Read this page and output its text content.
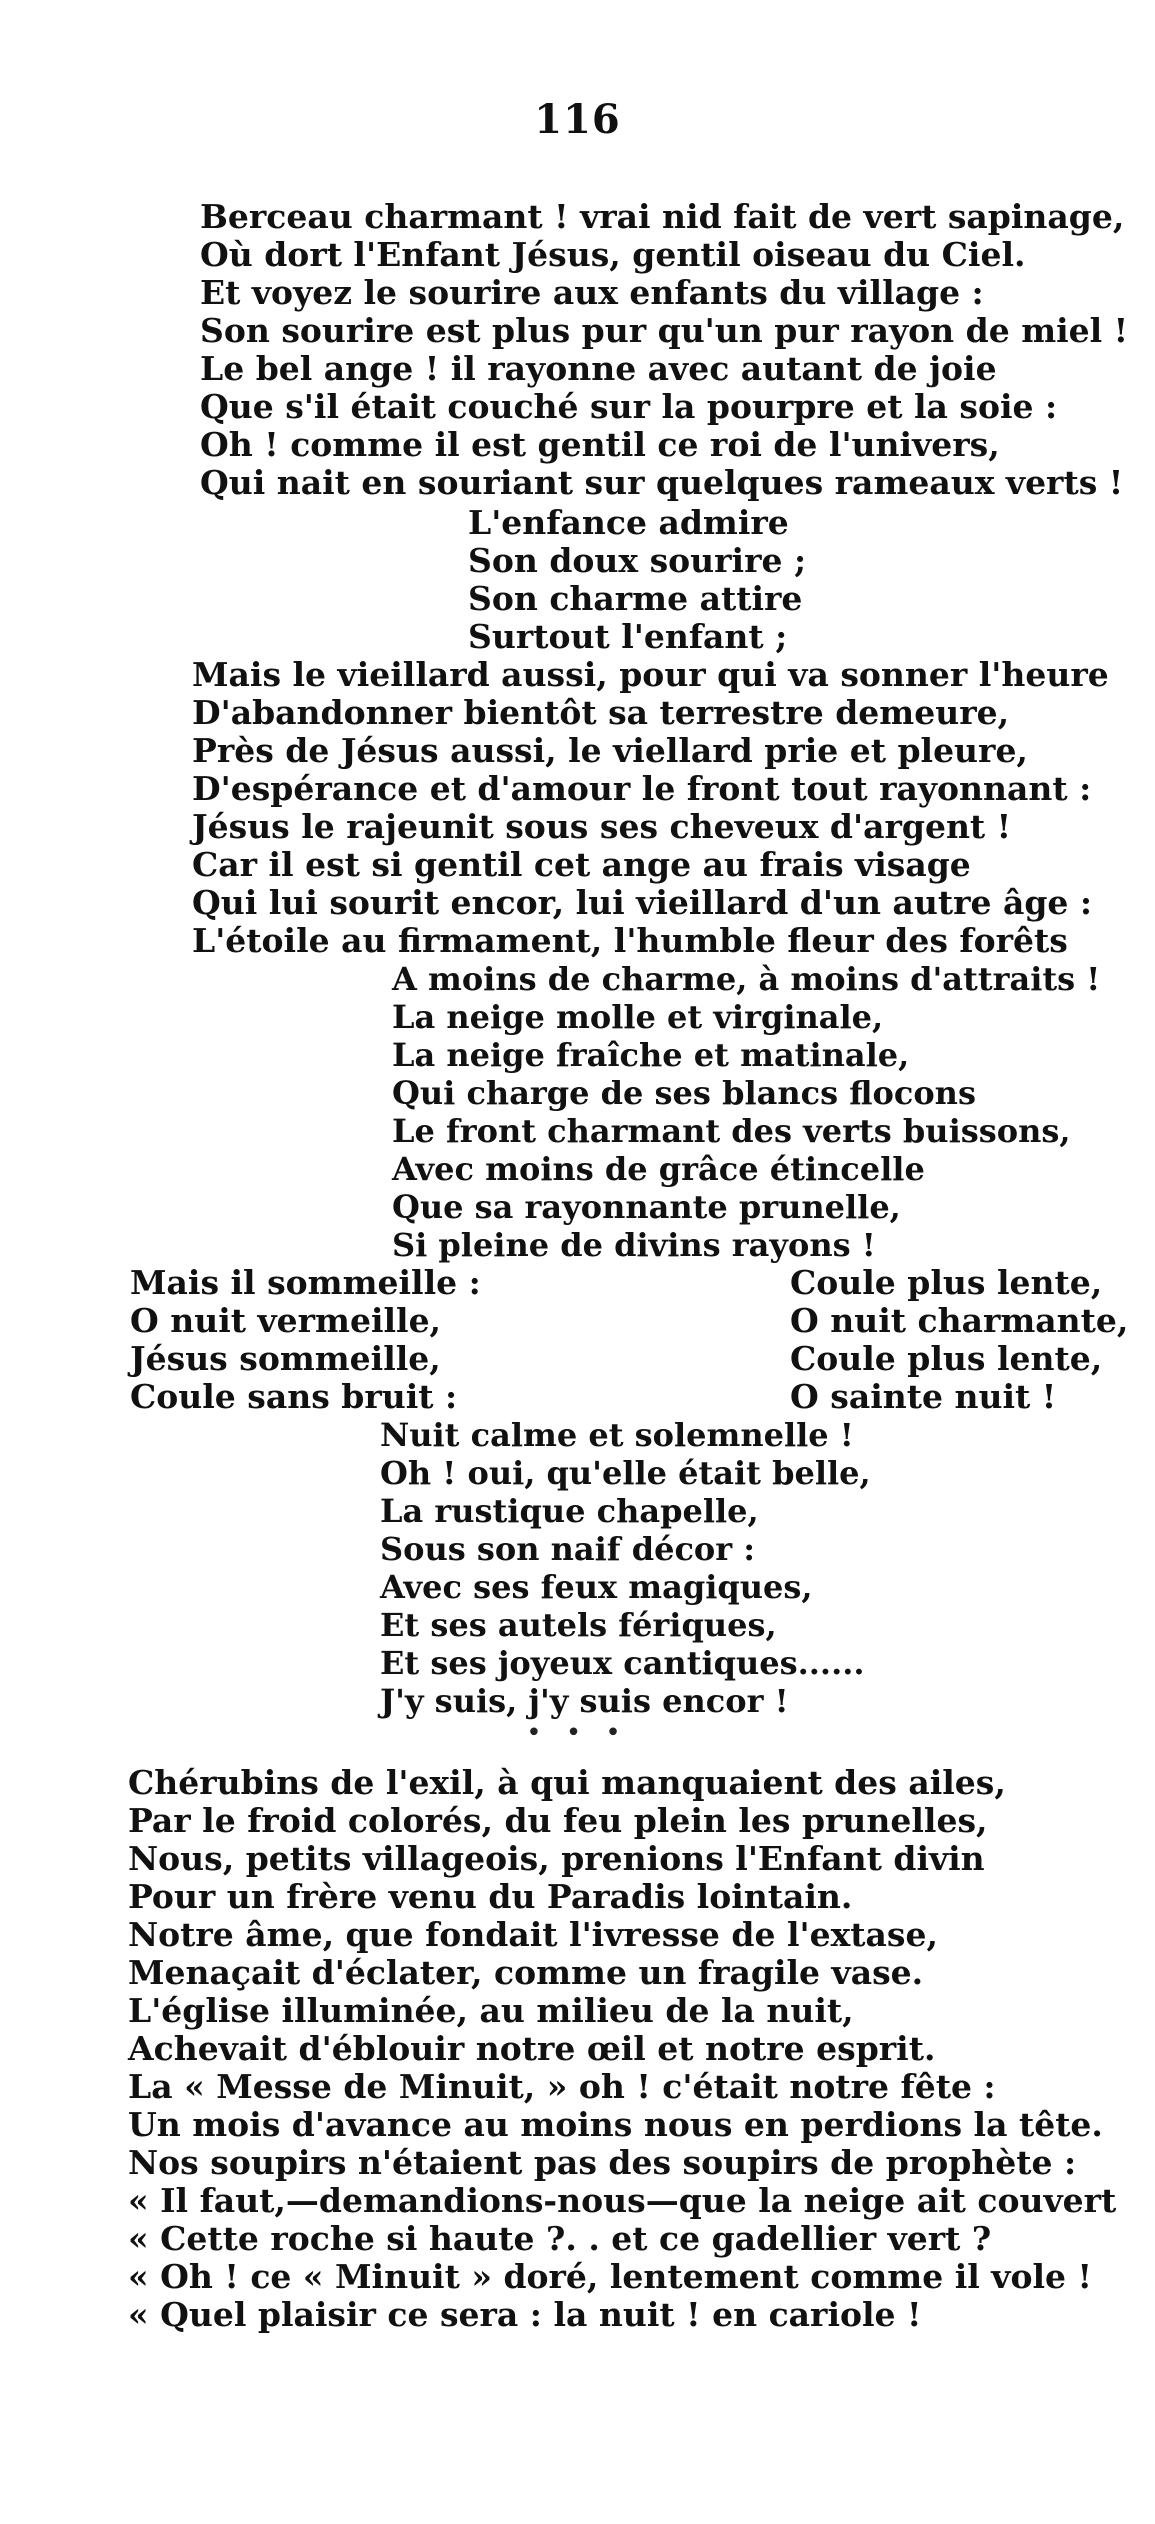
116
Berceau charmant ! vrai nid fait de vert sapinage,
Où dort l'Enfant Jésus, gentil oiseau du Ciel.
Et voyez le sourire aux enfants du village :
Son sourire est plus pur qu'un pur rayon de miel !
Le bel ange ! il rayonne avec autant de joie
Que s'il était couché sur la pourpre et la soie :
Oh ! comme il est gentil ce roi de l'univers,
Qui nait en souriant sur quelques rameaux verts !
L'enfance admire
Son doux sourire ;
Son charme attire
Surtout l'enfant ;
Mais le vieillard aussi, pour qui va sonner l'heure
D'abandonner bientôt sa terrestre demeure,
Près de Jésus aussi, le viellard prie et pleure,
D'espérance et d'amour le front tout rayonnant :
Jésus le rajeunit sous ses cheveux d'argent !
Car il est si gentil cet ange au frais visage
Qui lui sourit encor, lui vieillard d'un autre âge :
L'étoile au firmament, l'humble fleur des forêts
A moins de charme, à moins d'attraits !
La neige molle et virginale,
La neige fraîche et matinale,
Qui charge de ses blancs flocons
Le front charmant des verts buissons,
Avec moins de grâce étincelle
Que sa rayonnante prunelle,
Si pleine de divins rayons !
Mais il sommeille :
O nuit vermeille,
Jésus sommeille,
Coule sans bruit :
Coule plus lente,
O nuit charmante,
Coule plus lente,
O sainte nuit !
Nuit calme et solemnelle !
Oh ! oui, qu'elle était belle,
La rustique chapelle,
Sous son naif décor :
Avec ses feux magiques,
Et ses autels fériques,
Et ses joyeux cantiques......
J'y suis, j'y suis encor !
• • •
Chérubins de l'exil, à qui manquaient des ailes,
Par le froid colorés, du feu plein les prunelles,
Nous, petits villageois, prenions l'Enfant divin
Pour un frère venu du Paradis lointain.
Notre âme, que fondait l'ivresse de l'extase,
Menaçait d'éclater, comme un fragile vase.
L'église illuminée, au milieu de la nuit,
Achevait d'éblouir notre œil et notre esprit.
La « Messe de Minuit, » oh ! c'était notre fête :
Un mois d'avance au moins nous en perdions la tête.
Nos soupirs n'étaient pas des soupirs de prophète :
« Il faut,—demandions-nous—que la neige ait couvert
« Cette roche si haute ?. . et ce gadellier vert ?
« Oh ! ce « Minuit » doré, lentement comme il vole !
« Quel plaisir ce sera : la nuit ! en cariole !
